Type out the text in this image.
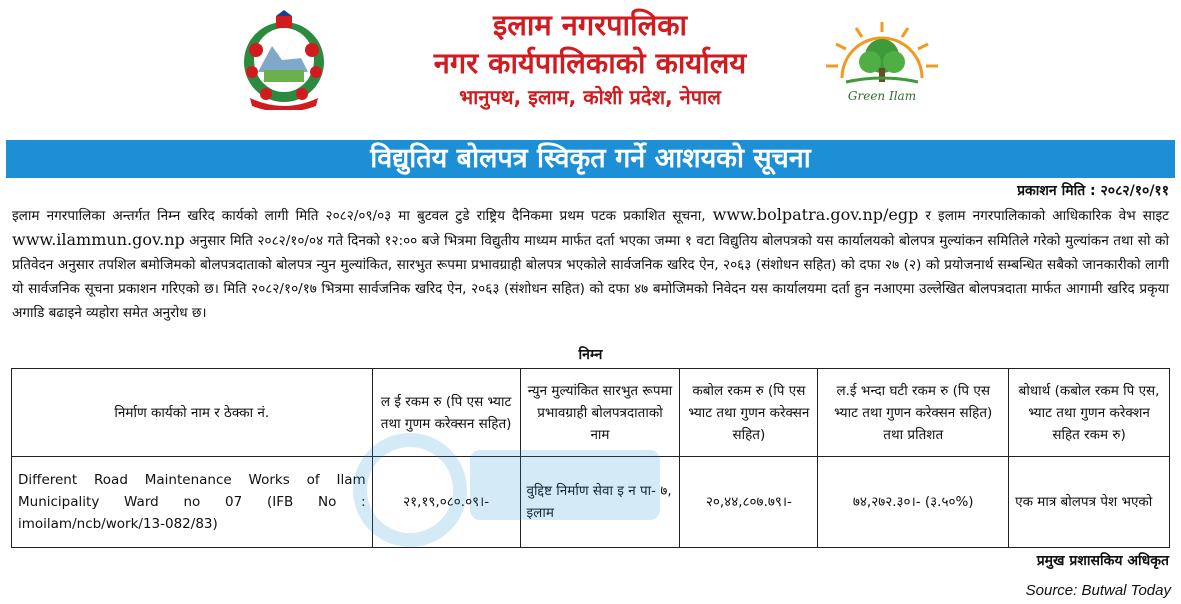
इलाम नगरपालिका
नगर कार्यपालिकाको कार्यालय
भानुपथ, इलाम, कोशी प्रदेश, नेपाल	Green Ilam
विद्युतिय बोलपत्र स्विकृत गर्ने आशयको सूचना
प्रकाशन मिति : २०८२/१०/११
इलाम नगरपालिका अन्तर्गत निम्न खरिद कार्यको लागी मिति २०८२/०९/०३ मा बुटवल टुडे राष्ट्रिय दैनिकमा प्रथम पटक प्रकाशित सूचना, www.bolpatra.gov.np/egp र इलाम नगरपालिकाको आधिकारिक वेभ साइट www.ilammun.gov.np अनुसार मिति २०८२/१०/०४ गते दिनको १२:०० बजे भित्रमा विद्युतीय माध्यम मार्फत दर्ता भएका जम्मा १ वटा विद्युतिय बोलपत्रको यस कार्यालयको बोलपत्र मुल्यांकन समितिले गरेको मुल्यांकन तथा सो को प्रतिवेदन अनुसार तपशिल बमोजिमको बोलपत्रदाताको बोलपत्र न्युन मुल्यांकित, सारभुत रूपमा प्रभावग्राही बोलपत्र भएकोले सार्वजनिक खरिद ऐन, २०६३ (संशोधन सहित) को दफा २७ (२) को प्रयोजनार्थ सम्बन्धित सबैको जानकारीको लागी यो सार्वजनिक सूचना प्रकाशन गरिएको छ। मिति २०८२/१०/१७ भित्रमा सार्वजनिक खरिद ऐन, २०६३ (संशोधन सहित) को दफा ४७ बमोजिमको निवेदन यस कार्यालयमा दर्ता हुन नआएमा उल्लेखित बोलपत्रदाता मार्फत आगामी खरिद प्रकृया अगाडि बढाइने व्यहोरा समेत अनुरोध छ।
निम्न
निर्माण कार्यको नाम र ठेक्का नं.	ल ई रकम रु (पि एस भ्याट तथा गुणम करेक्सन सहित)	न्युन मुल्यांकित सारभुत रूपमा प्रभावग्राही बोलपत्रदाताको नाम	कबोल रकम रु (पि एस भ्याट तथा गुणन करेक्सन सहित)	ल.ई भन्दा घटी रकम रु (पि एस भ्याट तथा गुणन करेक्सन सहित) तथा प्रतिशत	बोधार्थ (कबोल रकम पि एस, भ्याट तथा गुणन करेक्शन सहित रकम रु)
Different Road Maintenance Works of Ilam Municipality Ward no 07 (IFB No : imoilam/ncb/work/13-082/83)	२१,१९,०८०.०९।-	वुद्दिष्ट निर्माण सेवा इ न पा- ७, इलाम	२०,४४,८०७.७९।-	७४,२७२.३०।- (३.५०%)	एक मात्र बोलपत्र पेश भएको
प्रमुख प्रशासकिय अधिकृत
Source: Butwal Today
